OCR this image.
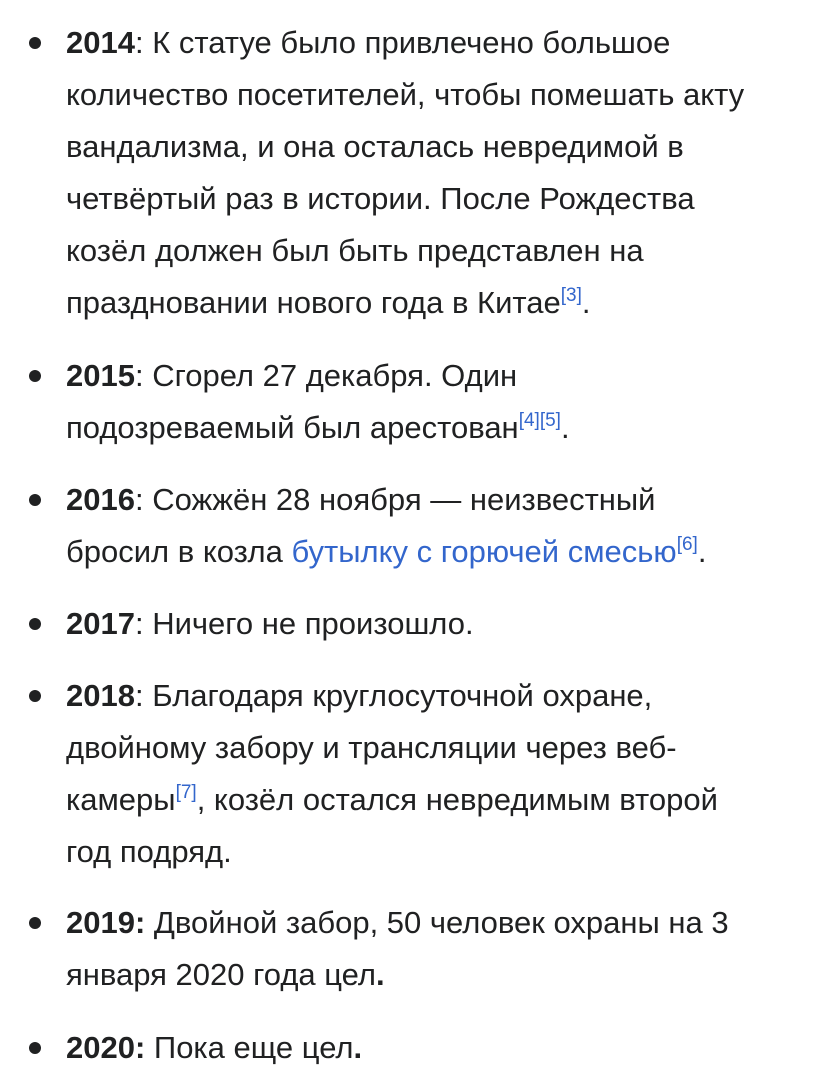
2014: К статуе было привлечено большое
количество посетителей, чтобы помешать акту
вандализма, и она осталась невредимой в
четвёртый раз в истории. После Рождества
козёл должен был быть представлен на
праздновании нового года в Китае[3].
2015: Сгорел 27 декабря. Один
подозреваемый был арестован[4][5].
2016: Сожжён 28 ноября — неизвестный
бросил в козла бутылку с горючей смесью[6].
2017: Ничего не произошло.
2018: Благодаря круглосуточной охране,
двойному забору и трансляции через веб-
камеры[7], козёл остался невредимым второй
год подряд.
2019: Двойной забор, 50 человек охраны на 3
января 2020 года цел.
2020: Пока еще цел.
